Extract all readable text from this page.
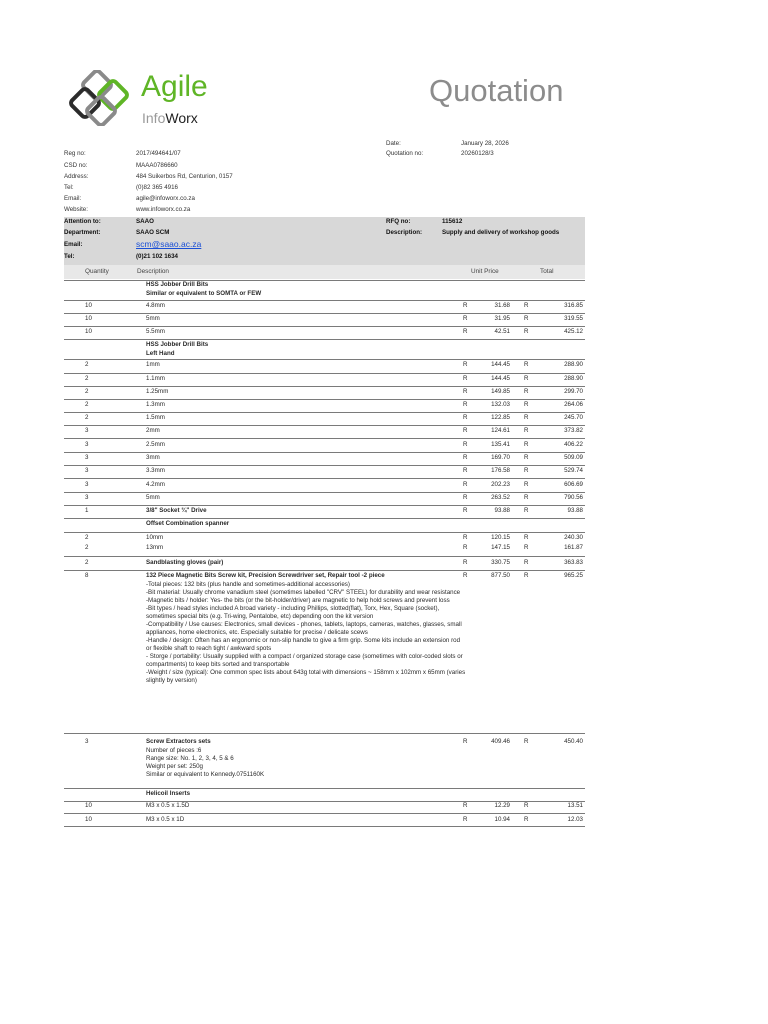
Agile
InfoWorx
Quotation
Date:	January 28, 2026
Quotation no:	20260128/3
Reg no:	2017/494641/07
CSD no:	MAAA0786660
Address:	484 Suikerbos Rd, Centurion, 0157
Tel:	(0)82 365 4916
Email:	agile@infoworx.co.za
Website:	www.infoworx.co.za
Attention to:	SAAO
Department:	SAAO SCM
Email:	scm@saao.ac.za
Tel:	(0)21 102 1634
RFQ no:	115612
Description:	Supply and delivery of workshop goods
Quantity	Description	Unit Price	Total
HSS Jobber Drill Bits
Similar or equivalent to SOMTA or FEW
10	4.8mm	R	31.68 R	316.85
10	5mm	R	31.95 R	319.55
10	5.5mm	R	42.51 R	425.12
HSS Jobber Drill Bits
Left Hand
2	1mm	R	144.45 R	288.90
2	1.1mm	R	144.45 R	288.90
2	1.25mm	R	149.85 R	299.70
2	1.3mm	R	132.03 R	264.06
2	1.5mm	R	122.85 R	245.70
3	2mm	R	124.61 R	373.82
3	2.5mm	R	135.41 R	406.22
3	3mm	R	169.70 R	509.09
3	3.3mm	R	176.58 R	529.74
3	4.2mm	R	202.23 R	606.69
3	5mm	R	263.52 R	790.56
1	3/8" Socket ¾" Drive	R	93.88 R	93.88
Offset Combination spanner
2	10mm	R	120.15 R	240.30
2	13mm	R	147.15 R	161.87
2	Sandblasting gloves (pair)	R	330.75 R	363.83
8	132 Piece Magnetic Bits Screw kit, Precision Screwdriver set, Repair tool -2 piece	R	877.50 R	965.25
-Total pieces: 132 bits (plus handle and sometimes-additional accessories)
-Bit material: Usually chrome vanadium steel (sometimes labelled "CRV" STEEL) for durability and wear resistance
-Magnetic bits / holder: Yes- the bits (or the bit-holder/driver) are magnetic to help hold screws and prevent loss
-Bit types / head styles included A broad variety - including Phillips, slotted(flat), Torx, Hex, Square (socket), sometimes special bits (e.g. Tri-wing, Pentalobe, etc) depending oon the kit version
-Compatibility / Use causes: Electronics, small devices - phones, tablets, laptops, cameras, watches, glasses, small appliances, home electronics, etc. Especially suitable for precise / delicate scews
-Handle / design: Often has an ergonomic or non-slip handle to give a firm grip. Some kits include an extension rod or flexible shaft to reach tight / awkward spots
- Storge / portability: Usually supplied with a compact / organized storage case (sometimes with color-coded slots or compartments) to keep bits sorted and transportable
-Weight / size (typical): One common spec lists about 643g total with dimensions ~ 158mm x 102mm x 65mm (varies slightly by version)
3	Screw Extractors sets	R	409.46 R	450.40
Number of pieces :6
Range size: No. 1, 2, 3, 4, 5 & 6
Weight per set: 250g
Similar or equivalent to Kennedy.0751160K
Helicoil Inserts
10	M3 x 0.5 x 1.5D	R	12.29 R	13.51
10	M3 x 0.5 x 1D	R	10.94 R	12.03
